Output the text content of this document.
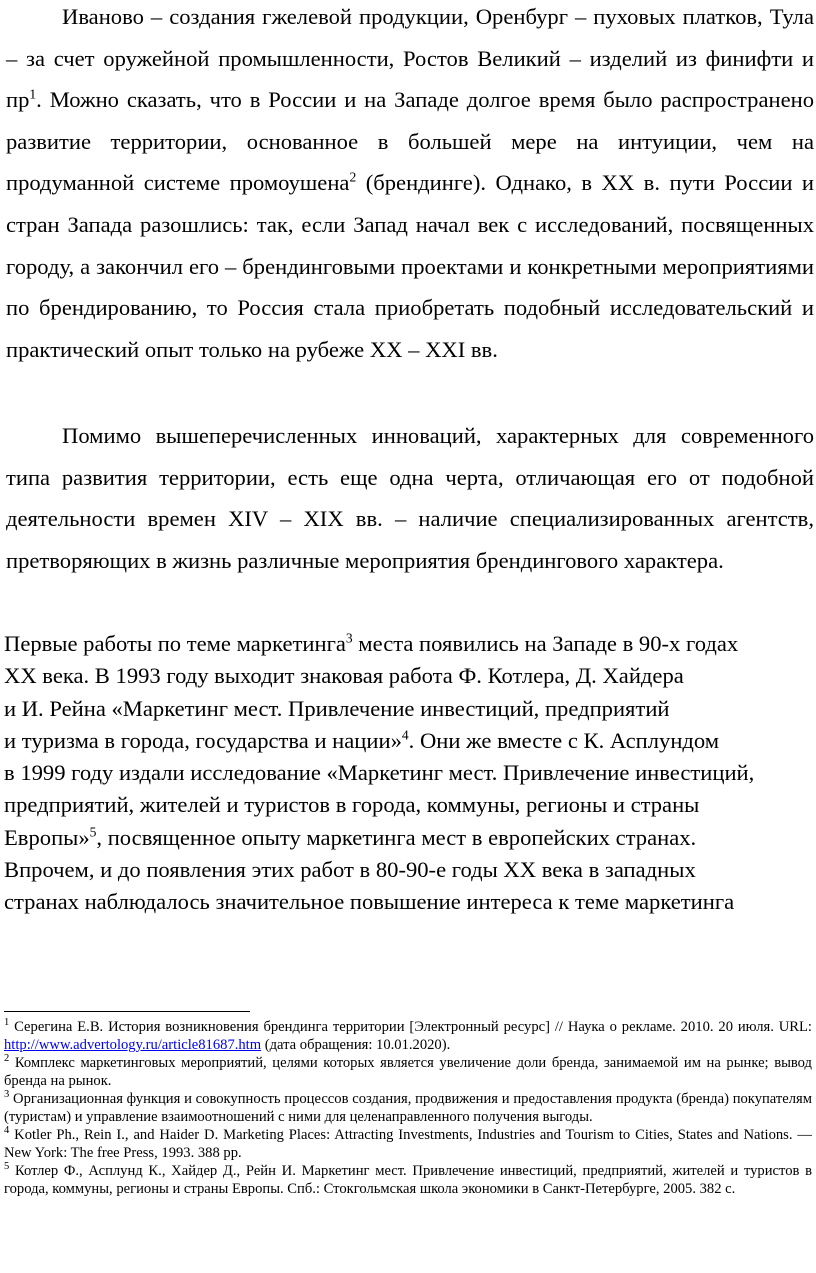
Иваново – создания гжелевой продукции, Оренбург – пуховых платков, Тула – за счет оружейной промышленности, Ростов Великий – изделий из финифти и $пр^1$. Можно сказать, что в России и на Западе долгое время было распространено развитие территории, основанное в большей мере на интуиции, чем на продуманной системе промоушена$^2$ (брендинге). Однако, в XX в. пути России и стран Запада разошлись: так, если Запад начал век с исследований, посвященных городу, а закончил его – брендинговыми проектами и конкретными мероприятиями по брендированию, то Россия стала приобретать подобный исследовательский и практический опыт только на рубеже XX – XXI вв.

Помимо вышеперечисленных инноваций, характерных для современного типа развития территории, есть еще одна черта, отличающая его от подобной деятельности времен XIV – XIX вв. – наличие специализированных агентств, претворяющих в жизнь различные мероприятия брендингового характера.

Первые работы по теме маркетинга$^3$ места появились на Западе в 90-х годах
XX века. В 1993 году выходит знаковая работа Ф. Котлера, Д. Хайдера
и И. Рейна «Маркетинг мест. Привлечение инвестиций, предприятий
и туризма в города, государства и нации»$^4$. Они же вместе с К. Асплундом
в 1999 году издали исследование «Маркетинг мест. Привлечение инвестиций,
предприятий, жителей и туристов в города, коммуны, регионы и страны
Европы»$^5$, посвященное опыту маркетинга мест в европейских странах.
Впрочем, и до появления этих работ в 80-90-е годы XX века в западных
странах наблюдалось значительное повышение интереса к теме маркетинга

$^1$ Серегина Е.В. История возникновения брендинга территории [Электронный ресурс] // Наука о рекламе. 2010. 20 июля. URL: http://www.advertology.ru/article81687.htm (дата обращения: 10.01.2020).

$^2$ Комплекс маркетинговых мероприятий, целями которых является увеличение доли бренда, занимаемой им на рынке; вывод бренда на рынок.

$^3$ Организационная функция и совокупность процессов создания, продвижения и предоставления продукта (бренда) покупателям (туристам) и управление взаимоотношений с ними для целенаправленного получения выгоды.

$^4$ Kotler Ph., Rein I., and Haider D. Marketing Places: Attracting Investments, Industries and Tourism to Cities, States and Nations. — New York: The free Press, 1993. 388 pp.

$^5$ Котлер Ф., Асплунд К., Хайдер Д., Рейн И. Маркетинг мест. Привлечение инвестиций, предприятий, жителей и туристов в города, коммуны, регионы и страны Европы. Спб.: Стокгольмская школа экономики в Санкт-Петербурге, 2005. 382 с.
